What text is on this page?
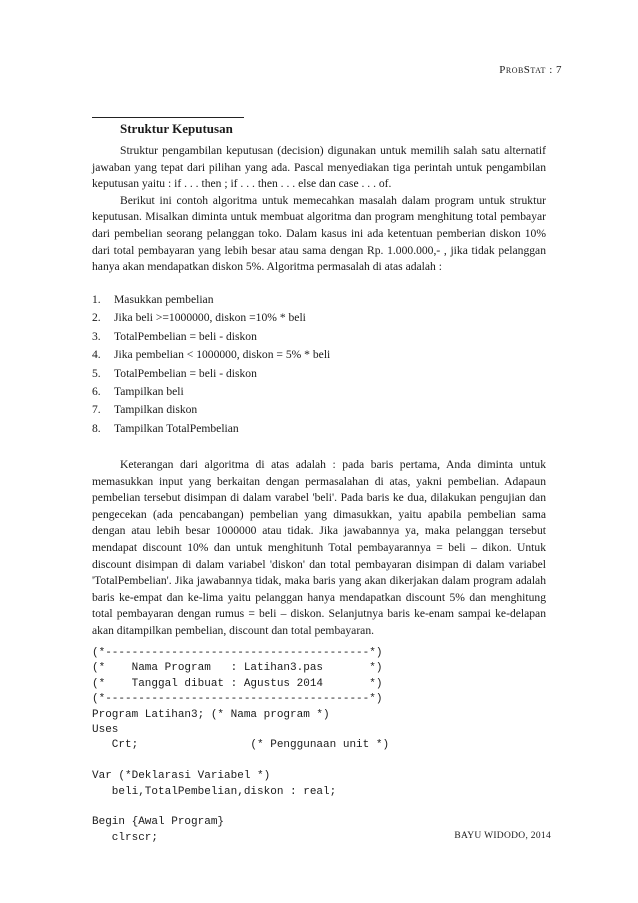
ProbStat : 7
Struktur Keputusan

Struktur pengambilan keputusan (decision) digunakan untuk memilih salah satu alternatif jawaban yang tepat dari pilihan yang ada. Pascal menyediakan tiga perintah untuk pengambilan keputusan yaitu : if . . . then ; if . . . then . . . else dan case . . . of.

Berikut ini contoh algoritma untuk memecahkan masalah dalam program untuk struktur keputusan. Misalkan diminta untuk membuat algoritma dan program menghitung total pembayar dari pembelian seorang pelanggan toko. Dalam kasus ini ada ketentuan pemberian diskon 10% dari total pembayaran yang lebih besar atau sama dengan Rp. 1.000.000,- , jika tidak pelanggan hanya akan mendapatkan diskon 5%. Algoritma permasalah di atas adalah :

1.	Masukkan pembelian
2.	Jika beli >=1000000, diskon =10% * beli
3.	TotalPembelian = beli - diskon
4.	Jika pembelian < 1000000, diskon = 5% * beli
5.	TotalPembelian = beli - diskon
6.	Tampilkan beli
7.	Tampilkan diskon
8.	Tampilkan TotalPembelian

Keterangan dari algoritma di atas adalah : pada baris pertama, Anda diminta untuk memasukkan input yang berkaitan dengan permasalahan di atas, yakni pembelian. Adapaun pembelian tersebut disimpan di dalam varabel 'beli'. Pada baris ke dua, dilakukan pengujian dan pengecekan (ada pencabangan) pembelian yang dimasukkan, yaitu apabila pembelian sama dengan atau lebih besar 1000000 atau tidak. Jika jawabannya ya, maka pelanggan tersebut mendapat discount 10% dan untuk menghitunh Total pembayarannya = beli – dikon. Untuk discount disimpan di dalam variabel 'diskon' dan total pembayaran disimpan di dalam variabel 'TotalPembelian'. Jika jawabannya tidak, maka baris yang akan dikerjakan dalam program adalah baris ke-empat dan ke-lima yaitu pelanggan hanya mendapatkan discount 5% dan menghitung total pembayaran dengan rumus = beli – diskon. Selanjutnya baris ke-enam sampai ke-delapan akan ditampilkan pembelian, discount dan total pembayaran.

(*----------------------------------------*)
(*    Nama Program   : Latihan3.pas       *)
(*    Tanggal dibuat : Agustus 2014       *)
(*----------------------------------------*)
Program Latihan3; (* Nama program *)
Uses
Crt;                 (* Penggunaan unit *)

Var (*Deklarasi Variabel *)
beli,TotalPembelian,diskon : real;

Begin {Awal Program}
clrscr;	BAYU WIDODO, 2014
